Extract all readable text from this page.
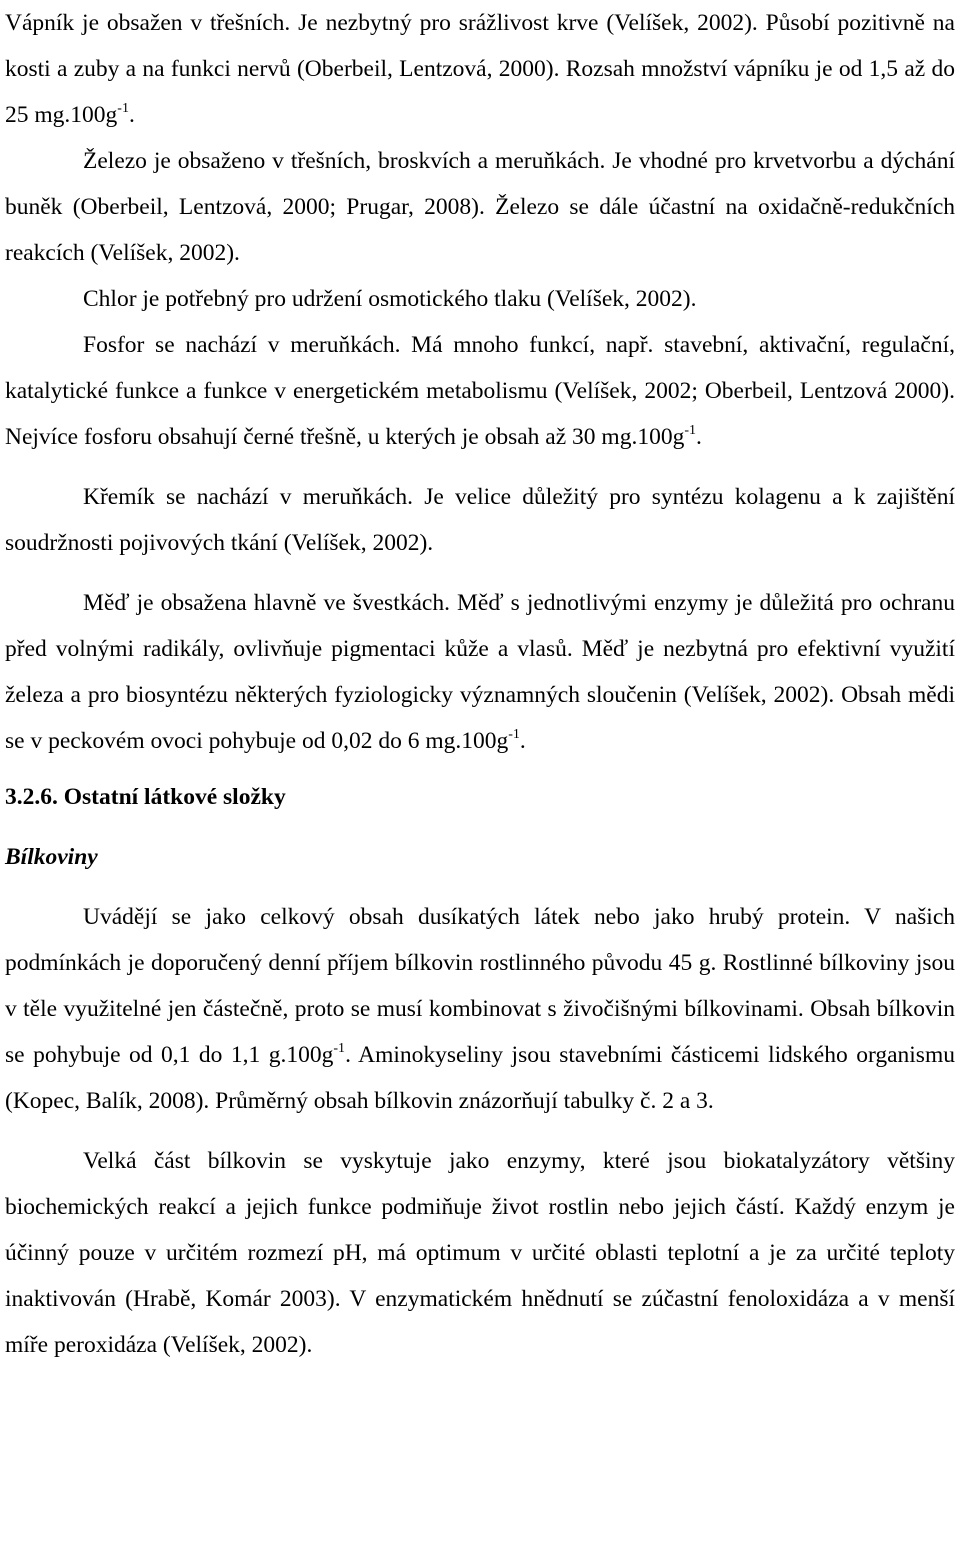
Vápník je obsažen v třešních. Je nezbytný pro srážlivost krve (Velíšek, 2002). Působí pozitivně na kosti a zuby a na funkci nervů (Oberbeil, Lentzová, 2000). Rozsah množství vápníku je od 1,5 až do 25 $mg.100g^{-1}$.

Železo je obsaženo v třešních, broskvích a meruňkách. Je vhodné pro krvetvorbu a dýchání buněk (Oberbeil, Lentzová, 2000; Prugar, 2008). Železo se dále účastní na oxidačně-redukčních reakcích (Velíšek, 2002).

Chlor je potřebný pro udržení osmotického tlaku (Velíšek, 2002).

Fosfor se nachází v meruňkách. Má mnoho funkcí, např. stavební, aktivační, regulační, katalytické funkce a funkce v energetickém metabolismu (Velíšek, 2002; Oberbeil, Lentzová 2000). Nejvíce fosforu obsahují černé třešně, u kterých je obsah až 30 $mg.100g^{-1}$.

Křemík se nachází v meruňkách. Je velice důležitý pro syntézu kolagenu a k zajištění soudržnosti pojivových tkání (Velíšek, 2002).

Měď je obsažena hlavně ve švestkách. Měď s jednotlivými enzymy je důležitá pro ochranu před volnými radikály, ovlivňuje pigmentaci kůže a vlasů. Měď je nezbytná pro efektivní využití železa a pro biosyntézu některých fyziologicky významných sloučenin (Velíšek, 2002). Obsah mědi se v peckovém ovoci pohybuje od 0,02 do 6 $mg.100g^{-1}$.

3.2.6. Ostatní látkové složky

Bílkoviny

Uvádějí se jako celkový obsah dusíkatých látek nebo jako hrubý protein. V našich podmínkách je doporučený denní příjem bílkovin rostlinného původu 45 g. Rostlinné bílkoviny jsou v těle využitelné jen částečně, proto se musí kombinovat s živočišnými bílkovinami. Obsah bílkovin se pohybuje od 0,1 do 1,1 $g.100g^{-1}$. Aminokyseliny jsou stavebními částicemi lidského organismu (Kopec, Balík, 2008). Průměrný obsah bílkovin znázorňují tabulky č. 2 a 3.

Velká část bílkovin se vyskytuje jako enzymy, které jsou biokatalyzátory většiny biochemických reakcí a jejich funkce podmiňuje život rostlin nebo jejich částí. Každý enzym je účinný pouze v určitém rozmezí pH, má optimum v určité oblasti teplotní a je za určité teploty inaktivován (Hrabě, Komár 2003). V enzymatickém hnědnutí se zúčastní fenoloxidáza a v menší míře peroxidáza (Velíšek, 2002).
